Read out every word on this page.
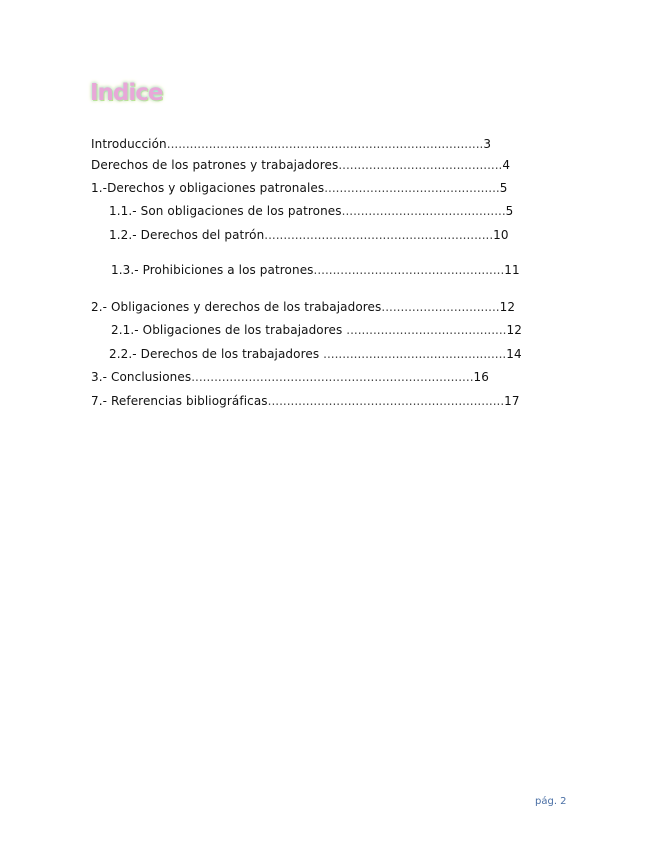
Indice
Introducción...................................................................................3
Derechos de los patrones y trabajadores...........................................4
1.-Derechos y obligaciones patronales..............................................5
1.1.- Son obligaciones de los patrones...........................................5
1.2.- Derechos del patrón............................................................10
1.3.- Prohibiciones a los patrones..................................................11
2.- Obligaciones y derechos de los trabajadores...............................12
2.1.- Obligaciones de los trabajadores ..........................................12
2.2.- Derechos de los trabajadores ................................................14
3.- Conclusiones..........................................................................16
7.- Referencias bibliográficas..............................................................17
pág. 2
